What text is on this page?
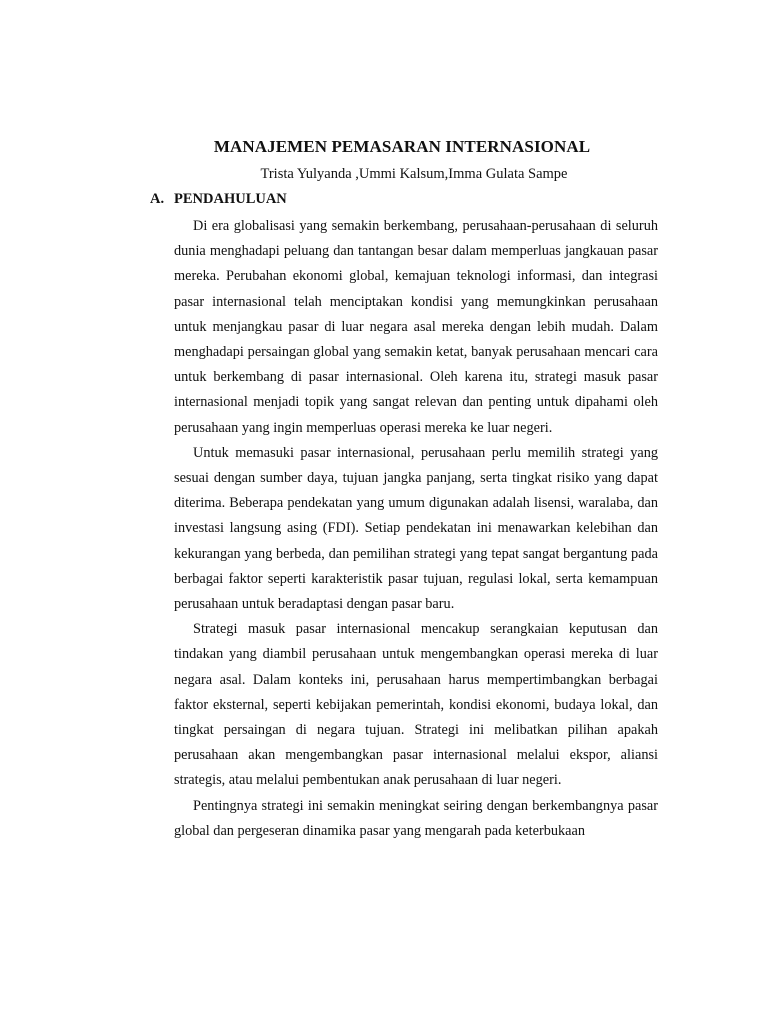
MANAJEMEN PEMASARAN INTERNASIONAL
Trista Yulyanda ,Ummi Kalsum,Imma Gulata Sampe
A. PENDAHULUAN

Di era globalisasi yang semakin berkembang, perusahaan-perusahaan di seluruh dunia menghadapi peluang dan tantangan besar dalam memperluas jangkauan pasar mereka. Perubahan ekonomi global, kemajuan teknologi informasi, dan integrasi pasar internasional telah menciptakan kondisi yang memungkinkan perusahaan untuk menjangkau pasar di luar negara asal mereka dengan lebih mudah. Dalam menghadapi persaingan global yang semakin ketat, banyak perusahaan mencari cara untuk berkembang di pasar internasional. Oleh karena itu, strategi masuk pasar internasional menjadi topik yang sangat relevan dan penting untuk dipahami oleh perusahaan yang ingin memperluas operasi mereka ke luar negeri.

Untuk memasuki pasar internasional, perusahaan perlu memilih strategi yang sesuai dengan sumber daya, tujuan jangka panjang, serta tingkat risiko yang dapat diterima. Beberapa pendekatan yang umum digunakan adalah lisensi, waralaba, dan investasi langsung asing (FDI). Setiap pendekatan ini menawarkan kelebihan dan kekurangan yang berbeda, dan pemilihan strategi yang tepat sangat bergantung pada berbagai faktor seperti karakteristik pasar tujuan, regulasi lokal, serta kemampuan perusahaan untuk beradaptasi dengan pasar baru.

Strategi masuk pasar internasional mencakup serangkaian keputusan dan tindakan yang diambil perusahaan untuk mengembangkan operasi mereka di luar negara asal. Dalam konteks ini, perusahaan harus mempertimbangkan berbagai faktor eksternal, seperti kebijakan pemerintah, kondisi ekonomi, budaya lokal, dan tingkat persaingan di negara tujuan. Strategi ini melibatkan pilihan apakah perusahaan akan mengembangkan pasar internasional melalui ekspor, aliansi strategis, atau melalui pembentukan anak perusahaan di luar negeri.

Pentingnya strategi ini semakin meningkat seiring dengan berkembangnya pasar global dan pergeseran dinamika pasar yang mengarah pada keterbukaan
